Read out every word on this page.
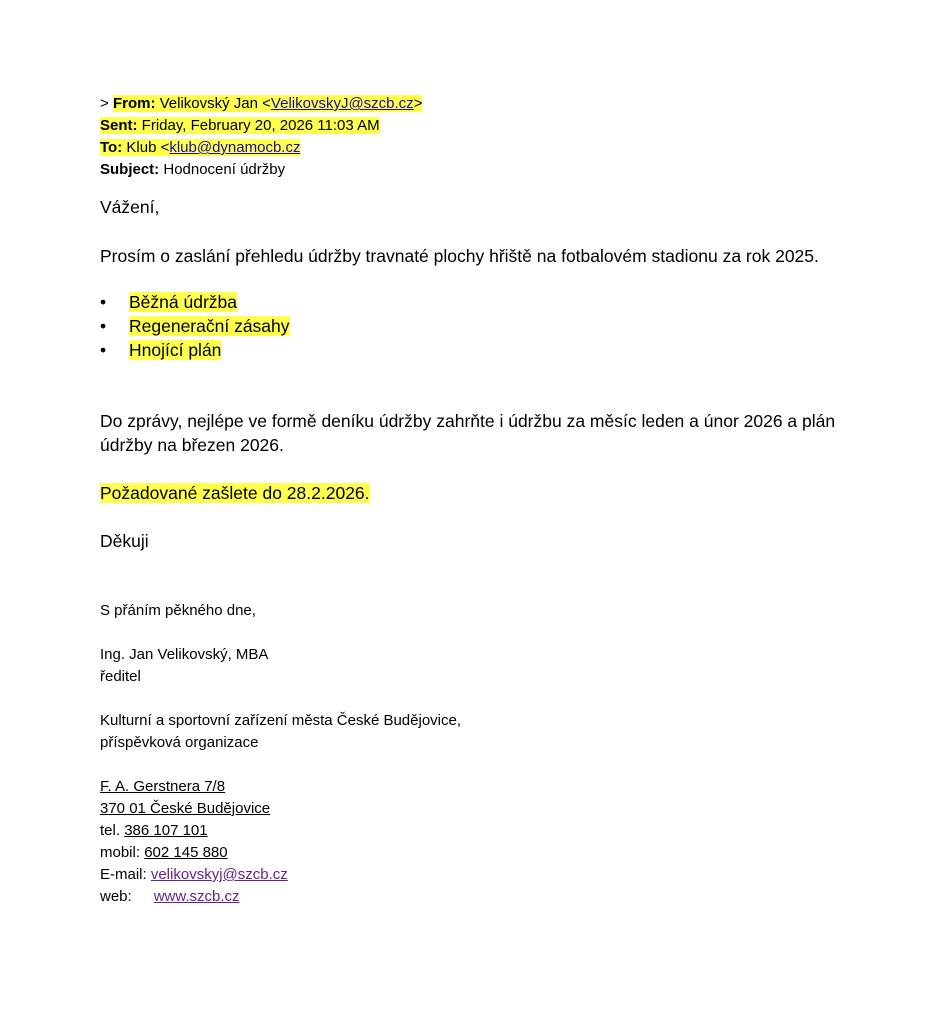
> From: Velikovský Jan <VelikovskyJ@szcb.cz>
Sent: Friday, February 20, 2026 11:03 AM
To: Klub <klub@dynamocb.cz
Subject: Hodnocení údržby
Vážení,
Prosím o zaslání přehledu údržby travnaté plochy hřiště na fotbalovém stadionu za rok 2025.
• Běžná údržba
• Regenerační zásahy
• Hnojící plán
Do zprávy, nejlépe ve formě deníku údržby zahrňte i údržbu za měsíc leden a únor 2026 a plán údržby na březen 2026.
Požadované zašlete do 28.2.2026.
Děkuji
S přáním pěkného dne,
Ing. Jan Velikovský, MBA
ředitel
Kulturní a sportovní zařízení města České Budějovice,
příspěvková organizace
F. A. Gerstnera 7/8
370 01 České Budějovice
tel. 386 107 101
mobil: 602 145 880
E-mail: velikovskyj@szcb.cz
web: www.szcb.cz
